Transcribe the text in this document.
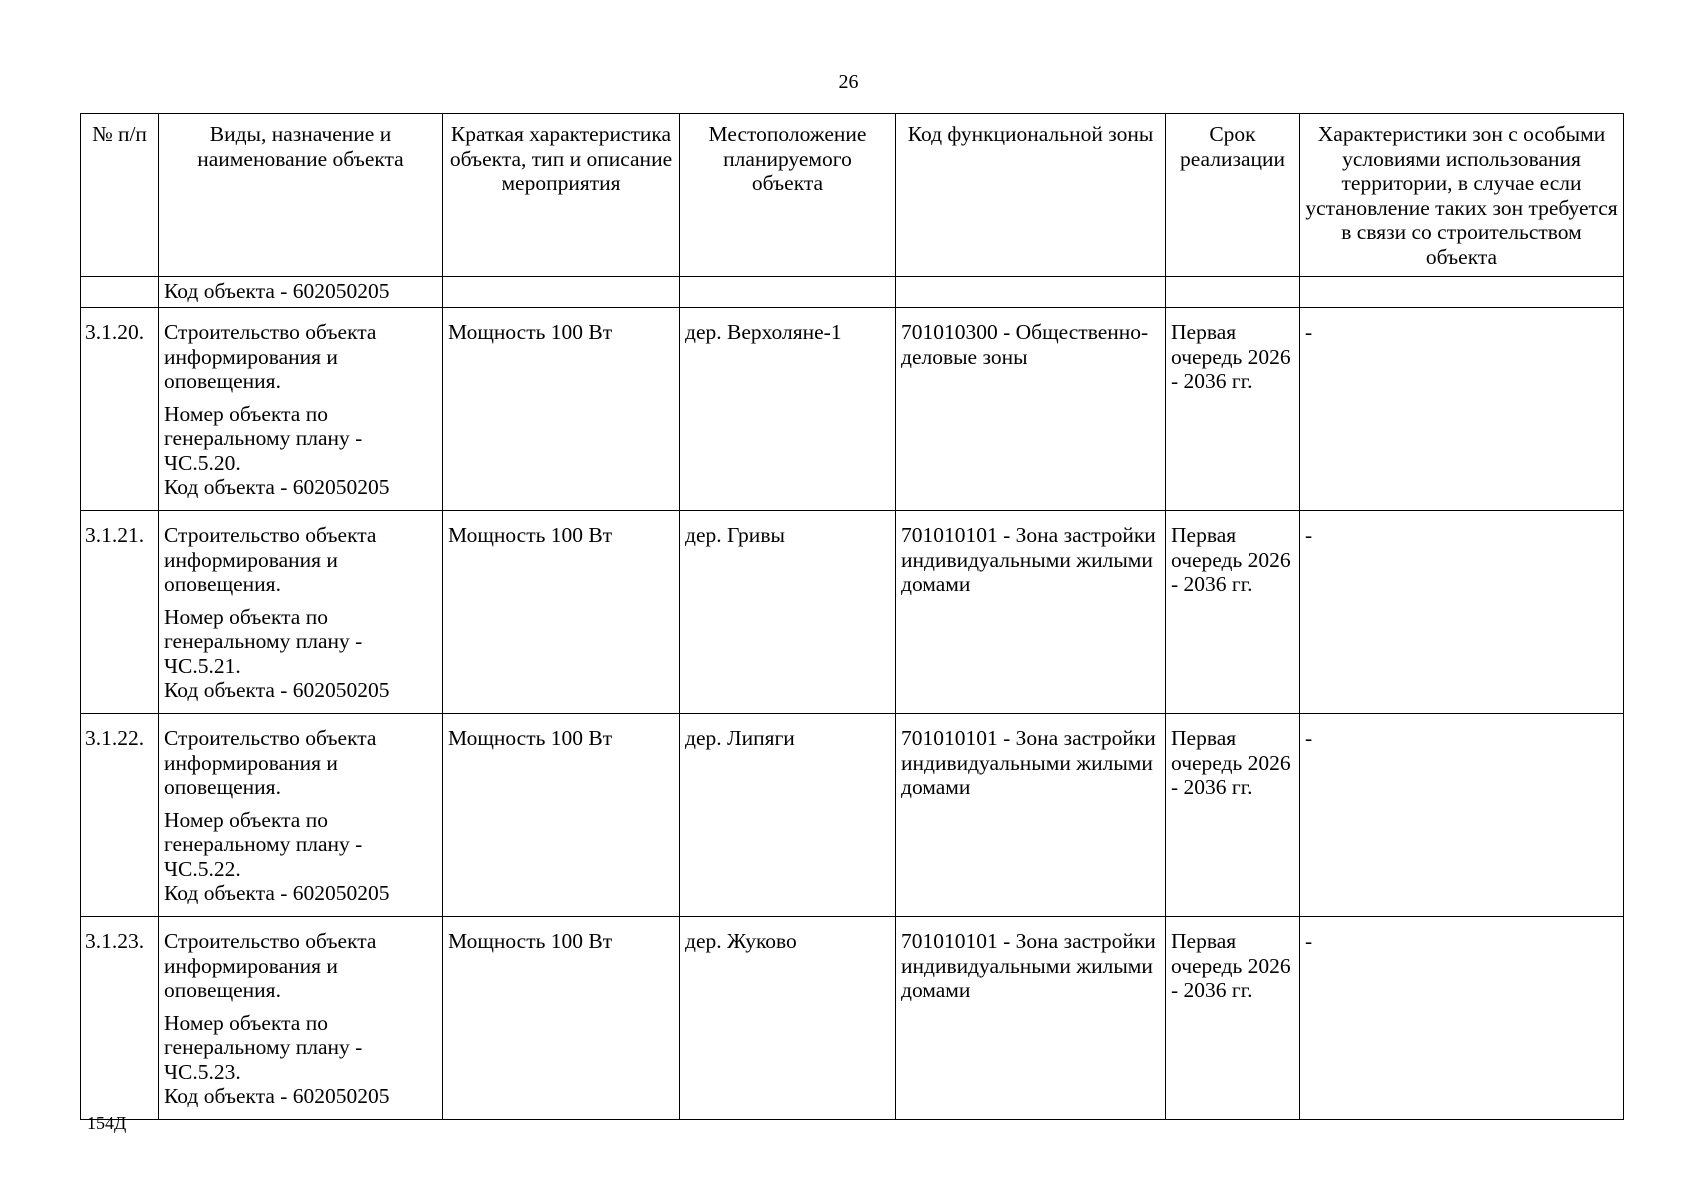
26
№ п/п	Виды, назначение и наименование объекта	Краткая характеристика объекта, тип и описание мероприятия	Местоположение планируемого объекта	Код функциональной зоны	Срок реализации	Характеристики зон с особыми условиями использования территории, в случае если установление таких зон требуется в связи со строительством объекта

	Код объекта - 602050205					
3.1.20.	Строительство объекта информирования и оповещения.
Номер объекта по генеральному плану - ЧС.5.20.
Код объекта - 602050205	Мощность 100 Вт	дер. Верхоляне-1	701010300 - Общественно-деловые зоны	Первая очередь 2026 - 2036 гг.	-
3.1.21.	Строительство объекта информирования и оповещения.
Номер объекта по генеральному плану - ЧС.5.21.
Код объекта - 602050205	Мощность 100 Вт	дер. Гривы	701010101 - Зона застройки индивидуальными жилыми домами	Первая очередь 2026 - 2036 гг.	-
3.1.22.	Строительство объекта информирования и оповещения.
Номер объекта по генеральному плану - ЧС.5.22.
Код объекта - 602050205	Мощность 100 Вт	дер. Липяги	701010101 - Зона застройки индивидуальными жилыми домами	Первая очередь 2026 - 2036 гг.	-
3.1.23.	Строительство объекта информирования и оповещения.
Номер объекта по генеральному плану - ЧС.5.23.
Код объекта - 602050205	Мощность 100 Вт	дер. Жуково	701010101 - Зона застройки индивидуальными жилыми домами	Первая очередь 2026 - 2036 гг.	-
154Д
